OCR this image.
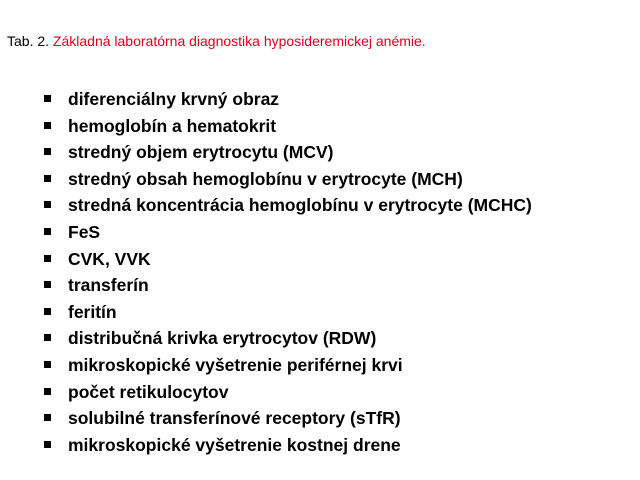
Tab. 2. Základná laboratórna diagnostika hyposideremickej anémie.
diferenciálny krvný obraz
hemoglobín a hematokrit
stredný objem erytrocytu (MCV)
stredný obsah hemoglobínu v erytrocyte (MCH)
stredná koncentrácia hemoglobínu v erytrocyte (MCHC)
FeS
CVK, VVK
transferín
feritín
distribučná krivka erytrocytov (RDW)
mikroskopické vyšetrenie periférnej krvi
počet retikulocytov
solubilné transferínové receptory (sTfR)
mikroskopické vyšetrenie kostnej drene
